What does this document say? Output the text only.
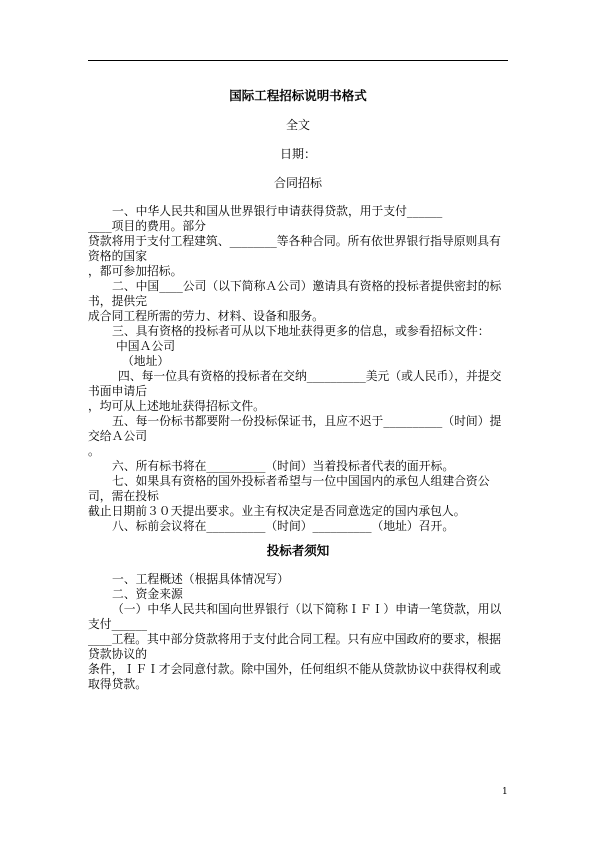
国际工程招标说明书格式
全文
日期：
合同招标

一、中华人民共和国从世界银行申请获得贷款，用于支付______

____项目的费用。部分

贷款将用于支付工程建筑、________等各种合同。所有依世界银行指导原则具有资格的国家

，都可参加招标。

二、中国____公司（以下简称Ａ公司）邀请具有资格的投标者提供密封的标书，提供完

成合同工程所需的劳力、材料、设备和服务。

三、具有资格的投标者可从以下地址获得更多的信息，或参看招标文件：

中国Ａ公司

（地址）

四、每一位具有资格的投标者在交纳__________美元（或人民币），并提交书面申请后

，均可从上述地址获得招标文件。

五、每一份标书都要附一份投标保证书，且应不迟于__________（时间）提交给Ａ公司

。

六、所有标书将在__________（时间）当着投标者代表的面开标。

七、如果具有资格的国外投标者希望与一位中国国内的承包人组建合资公司，需在投标

截止日期前３０天提出要求。业主有权决定是否同意选定的国内承包人。

八、标前会议将在__________（时间）__________（地址）召开。

投标者须知

一、工程概述（根据具体情况写）

二、资金来源

（一）中华人民共和国向世界银行（以下简称ＩＦＩ）申请一笔贷款，用以支付______

____工程。其中部分贷款将用于支付此合同工程。只有应中国政府的要求，根据贷款协议的

条件，ＩＦＩ才会同意付款。除中国外，任何组织不能从贷款协议中获得权利或取得贷款。

1
